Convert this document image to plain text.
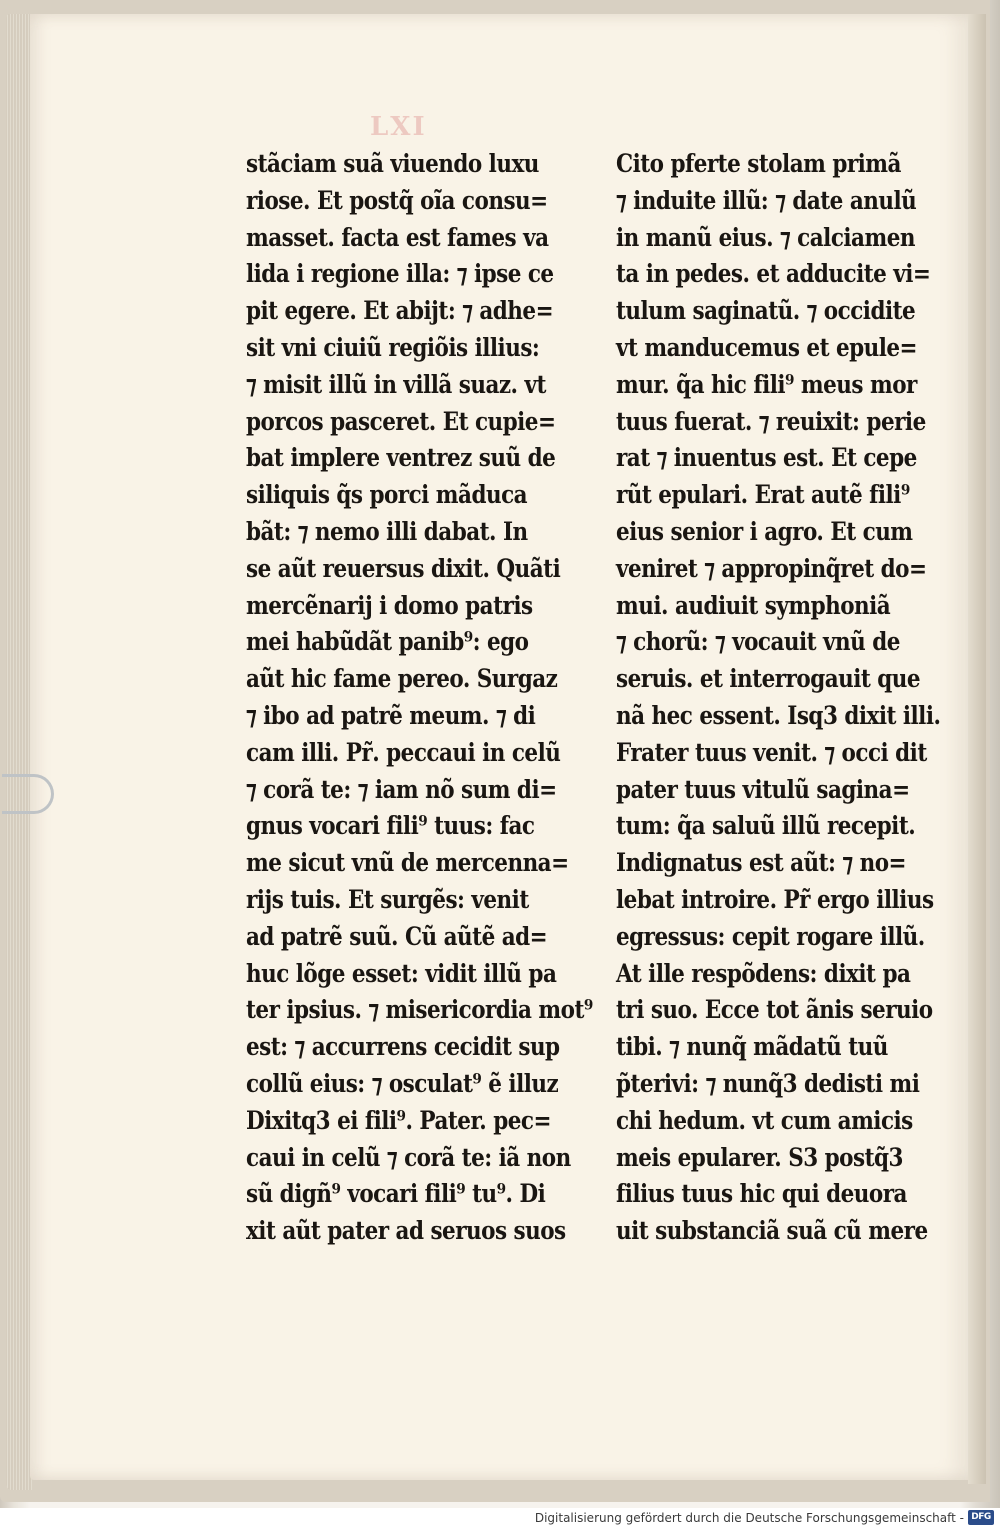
LXI
stãciam suã viuendo luxu
riose. Et postq̃ oĩa consu=
masset. facta est fames va
lida i regione illa: ⁊ ipse ce
pit egere. Et abijt: ⁊ adhe=
sit vni ciuiũ regiõis illius:
⁊ misit illũ in villã suaz. vt
porcos pasceret. Et cupie=
bat implere ventrez suũ de
siliquis q̃s porci mãduca
bãt: ⁊ nemo illi dabat. In
se aũt reuersus dixit. Quãti
mercẽnarij i domo patris
mei habũdãt panib⁹: ego
aũt hic fame pereo. Surgaz
⁊ ibo ad patrẽ meum. ⁊ di
cam illi. Pr̃. peccaui in celũ
⁊ corã te: ⁊ iam nõ sum di=
gnus vocari fili⁹ tuus: fac
me sicut vnũ de mercenna=
rijs tuis. Et surgẽs: venit
ad patrẽ suũ. Cũ aũtẽ ad=
huc lõge esset: vidit illũ pa
ter ipsius. ⁊ misericordia mot⁹
est: ⁊ accurrens cecidit sup
collũ eius: ⁊ osculat⁹ ẽ illuz
Dixitq3 ei fili⁹. Pater. pec=
caui in celũ ⁊ corã te: iã non
sũ digñ⁹ vocari fili⁹ tu⁹. Di
xit aũt pater ad seruos suos
Cito pferte stolam primã
⁊ induite illũ: ⁊ date anulũ
in manũ eius. ⁊ calciamen
ta in pedes. et adducite vi=
tulum saginatũ. ⁊ occidite
vt manducemus et epule=
mur. q̃a hic fili⁹ meus mor
tuus fuerat. ⁊ reuixit: perie
rat ⁊ inuentus est. Et cepe
rũt epulari. Erat autẽ fili⁹
eius senior i agro. Et cum
veniret ⁊ appropinq̃ret do=
mui. audiuit symphoniã
⁊ chorũ: ⁊ vocauit vnũ de
seruis. et interrogauit que
nã hec essent. Isq3 dixit illi.
Frater tuus venit. ⁊ occi dit
pater tuus vitulũ sagina=
tum: q̃a saluũ illũ recepit.
Indignatus est aũt: ⁊ no=
lebat introire. Pr̃ ergo illius
egressus: cepit rogare illũ.
At ille respõdens: dixit pa
tri suo. Ecce tot ãnis seruio
tibi. ⁊ nunq̃ mãdatũ tuũ
p̃terivi: ⁊ nunq̃3 dedisti mi
chi hedum. vt cum amicis
meis epularer. S3 postq̃3
filius tuus hic qui deuora
uit substanciã suã cũ mere
Digitalisierung gefördert durch die Deutsche Forschungsgemeinschaft - DFG
